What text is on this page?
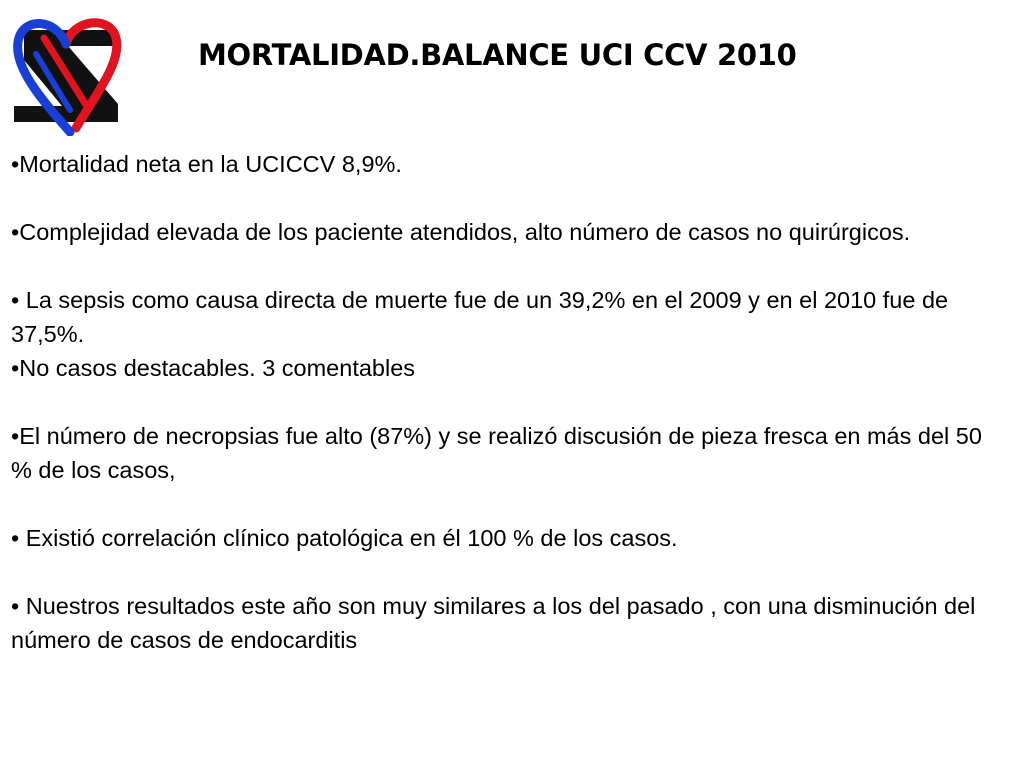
MORTALIDAD.BALANCE UCI CCV 2010

•Mortalidad neta en la UCICCV 8,9%.

•Complejidad elevada de los paciente atendidos, alto número de casos no quirúrgicos.

• La sepsis como causa directa de muerte fue de un 39,2% en el 2009 y en el 2010 fue de 37,5%.

•No casos destacables. 3 comentables

•El número de necropsias fue alto (87%) y se realizó discusión de pieza fresca en más del 50 % de los casos,

• Existió correlación clínico patológica en él 100 % de los casos.

• Nuestros resultados este año son muy similares a los del pasado , con una disminución del número de casos de endocarditis
